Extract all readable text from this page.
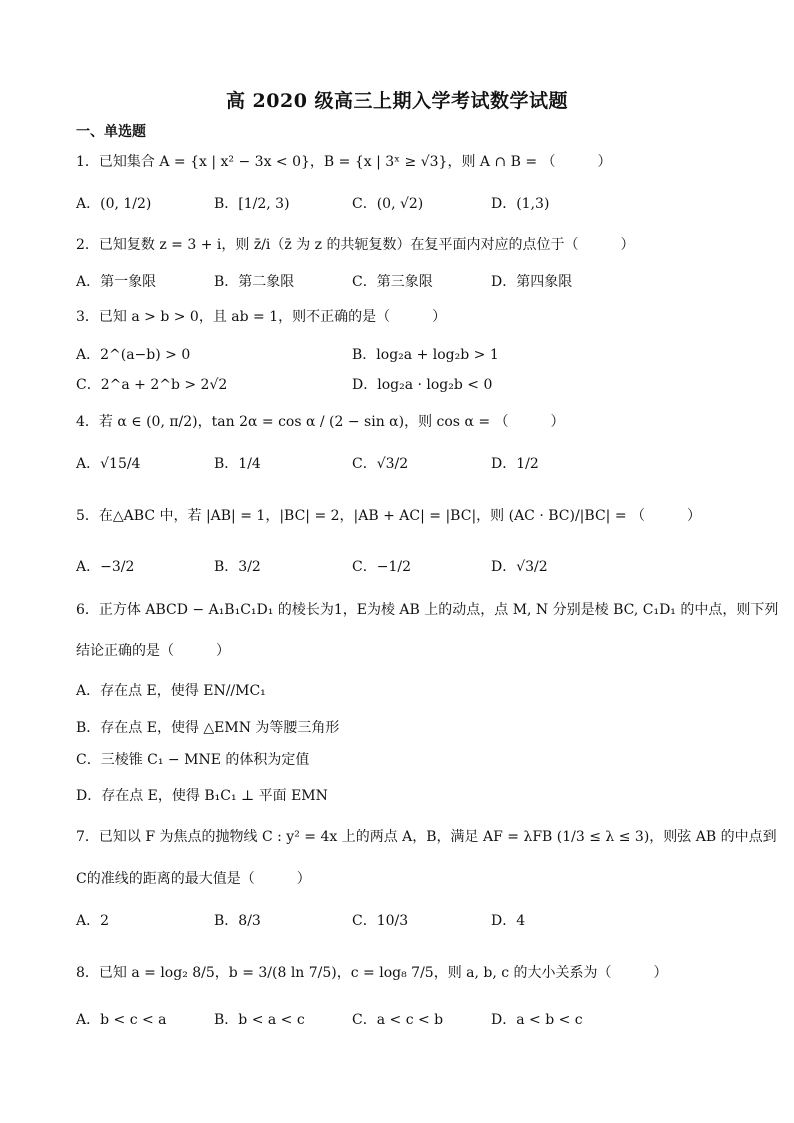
高 2020 级高三上期入学考试数学试题
一、单选题
1．已知集合 A = {x | x² − 3x < 0}，B = {x | 3ˣ ≥ √3}，则 A ∩ B = （　　　）
A．(0, 1/2)	B．[1/2, 3)	C．(0, √2)	D．(1,3)
2．已知复数 z = 3 + i，则 z̄/i（z̄ 为 z 的共轭复数）在复平面内对应的点位于（　　　）
A．第一象限	B．第二象限	C．第三象限	D．第四象限
3．已知 a > b > 0，且 ab = 1，则不正确的是（　　　）
A．2^(a−b) > 0	B．log₂a + log₂b > 1
C．2^a + 2^b > 2√2	D．log₂a · log₂b < 0
4．若 α ∈ (0, π/2)，tan 2α = cos α / (2 − sin α)，则 cos α = （　　　）
A．√15/4	B．1/4	C．√3/2	D．1/2
5．在△ABC 中，若 |AB| = 1，|BC| = 2，|AB + AC| = |BC|，则 (AC · BC)/|BC| = （　　　）
A．−3/2	B．3/2	C．−1/2	D．√3/2
6．正方体 ABCD − A₁B₁C₁D₁ 的棱长为1，E为棱 AB 上的动点，点 M, N 分别是棱 BC, C₁D₁ 的中点，则下列
结论正确的是（　　　）
A．存在点 E，使得 EN//MC₁
B．存在点 E，使得 △EMN 为等腰三角形
C．三棱锥 C₁ − MNE 的体积为定值
D．存在点 E，使得 B₁C₁ ⊥ 平面 EMN
7．已知以 F 为焦点的抛物线 C : y² = 4x 上的两点 A，B，满足 AF = λFB (1/3 ≤ λ ≤ 3)，则弦 AB 的中点到
C的准线的距离的最大值是（　　　）
A．2	B．8/3	C．10/3	D．4
8．已知 a = log₂ 8/5，b = 3/(8 ln 7/5)，c = log₈ 7/5，则 a, b, c 的大小关系为（　　　）
A．b < c < a	B．b < a < c	C．a < c < b	D．a < b < c
